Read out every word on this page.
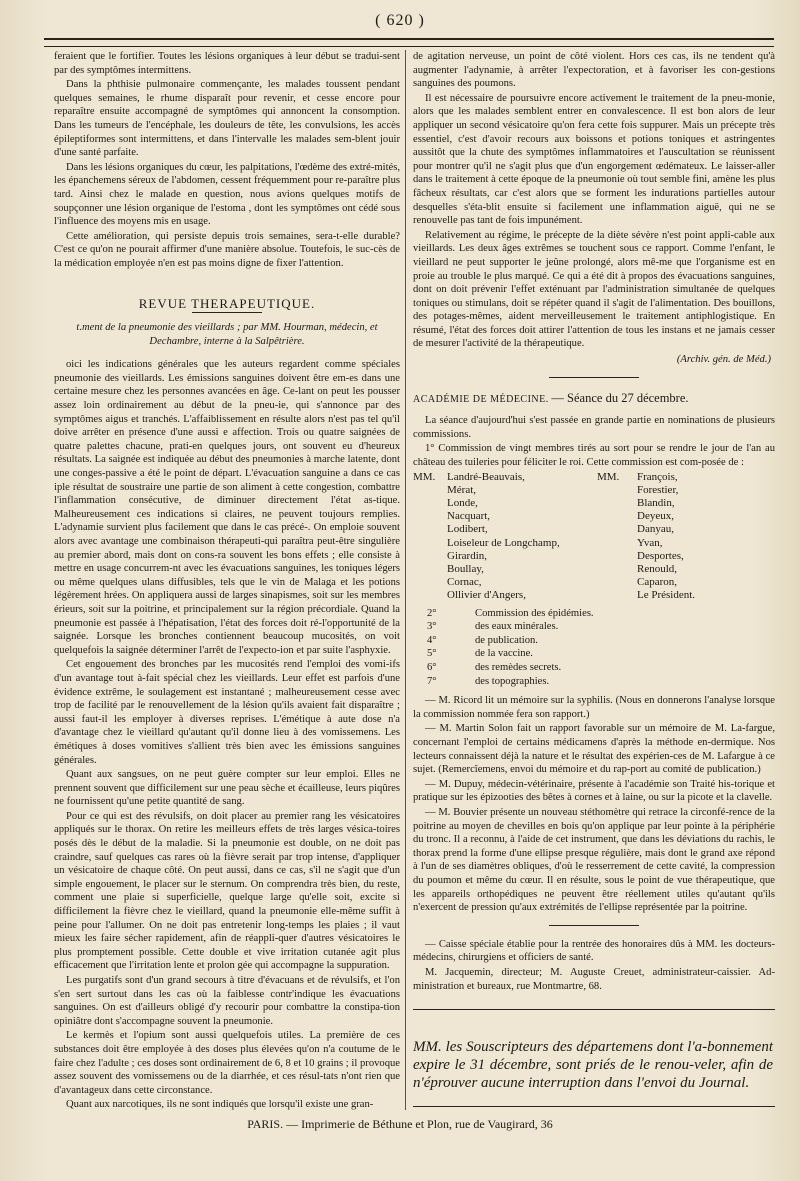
( 620 )

feraient que le fortifier. Toutes les lésions organiques à leur début se tradui-sent par des symptômes intermittens.

Dans la phthisie pulmonaire commençante, les malades toussent pendant quelques semaines, le rhume disparaît pour revenir, et cesse encore pour reparaître ensuite accompagné de symptômes qui annoncent la consomption. Dans les tumeurs de l'encéphale, les douleurs de tête, les convulsions, les accès épileptiformes sont intermittens, et dans l'intervalle les malades sem-blent jouir d'une santé parfaite.

Dans les lésions organiques du cœur, les palpitations, l'œdème des extré-mités, les épanchemens séreux de l'abdomen, cessent fréquemment pour re-paraître plus tard. Ainsi chez le malade en question, nous avions quelques motifs de soupçonner une lésion organique de l'estoma , dont les symptômes ont cédé sous l'influence des moyens mis en usage.

Cette amélioration, qui persiste depuis trois semaines, sera-t-elle durable? C'est ce qu'on ne pourait affirmer d'une manière absolue. Toutefois, le suc-cès de la médication employée n'en est pas moins digne de fixer l'attention.

REVUE THERAPEUTIQUE.
t.ment de la pneumonie des vieillards ; par MM. Hourman, médecin, et Dechambre, interne à la Salpêtrière.

oici les indications générales que les auteurs regardent comme spéciales pneumonie des vieillards. Les émissions sanguines doivent être em-es dans une certaine mesure chez les personnes avancées en âge. Ce-lant on peut les pousser assez loin ordinairement au début de la pneu-ie, qui s'annonce par des symptômes aigus et tranchés. L'affaiblissement en résulte alors n'est pas tel qu'il doive arrêter en présence d'une aussi e affection. Trois ou quatre saignées de quatre palettes chacune, prati-en quelques jours, ont souvent eu d'heureux résultats. La saignée est indiquée au début des pneumonies à marche latente, dont une conges-passive a été le point de départ. L'évacuation sanguine a dans ce cas iple résultat de soustraire une partie de son aliment à cette congestion, combattre l'inflammation consécutive, de diminuer directement l'état as-tique. Malheureusement ces indications si claires, ne peuvent toujours remplies. L'adynamie survient plus facilement que dans le cas précé-. On emploie souvent alors avec avantage une combinaison thérapeuti-qui paraîtra peut-être singulière au premier abord, mais dont on cons-ra souvent les bons effets ; elle consiste à mettre en usage concurrem-nt avec les évacuations sanguines, les toniques légers ou même quelques ulans diffusibles, tels que le vin de Malaga et les potions légèrement hrées. On appliquera aussi de larges sinapismes, soit sur les membres érieurs, soit sur la poitrine, et principalement sur la région précordiale. Quand la pneumonie est passée à l'hépatisation, l'état des forces doit ré-l'opportunité de la saignée. Lorsque les bronches contiennent beaucoup mucosités, on voit quelquefois la saignée déterminer l'arrêt de l'expecto-ion et par suite l'asphyxie.

Cet engouement des bronches par les mucosités rend l'emploi des vomi-ifs d'un avantage tout à-fait spécial chez les vieillards. Leur effet est parfois d'une évidence extrême, le soulagement est instantané ; malheureusement cesse avec trop de facilité par le renouvellement de la lésion qu'ils avaient fait disparaître ; aussi faut-il les employer à diverses reprises. L'émétique à aute dose n'a d'avantage chez le vieillard qu'autant qu'il donne lieu à des vomissemens. Les émétiques à doses vomitives s'allient très bien avec les émissions sanguines générales.

Quant aux sangsues, on ne peut guère compter sur leur emploi. Elles ne prennent souvent que difficilement sur une peau sèche et écailleuse, leurs piqûres ne fournissent qu'une petite quantité de sang.

Pour ce qui est des révulsifs, on doit placer au premier rang les vésicatoires appliqués sur le thorax. On retire les meilleurs effets de très larges vésica-toires posés dès le début de la maladie. Si la pneumonie est double, on ne doit pas craindre, sauf quelques cas rares où la fièvre serait par trop intense, d'appliquer un vésicatoire de chaque côté. On peut aussi, dans ce cas, s'il ne s'agit que d'un simple engouement, le placer sur le sternum. On comprendra très bien, du reste, comment une plaie si superficielle, quelque large qu'elle soit, excite si difficilement la fièvre chez le vieillard, quand la pneumonie elle-même suffit à peine pour l'allumer. On ne doit pas entretenir long-temps les plaies ; il vaut mieux les faire sécher rapidement, afin de réappli-quer d'autres vésicatoires le plus promptement possible. Cette double et vive irritation cutanée agit plus efficacement que l'irritation lente et prolon gée qui accompagne la suppuration.

Les purgatifs sont d'un grand secours à titre d'évacuans et de révulsifs, et l'on s'en sert surtout dans les cas où la faiblesse contr'indique les évacuations sanguines. On est d'ailleurs obligé d'y recourir pour combattre la constipa-tion opiniâtre dont s'accompagne souvent la pneumonie.

Le kermès et l'opium sont aussi quelquefois utiles. La première de ces substances doit être employée à des doses plus élevées qu'on n'a coutume de le faire chez l'adulte ; ces doses sont ordinairement de 6, 8 et 10 grains ; il provoque assez souvent des vomissemens ou de la diarrhée, et ces résul-tats n'ont rien que d'avantageux dans cette circonstance.

Quant aux narcotiques, ils ne sont indiqués que lorsqu'il existe une gran-

de agitation nerveuse, un point de côté violent. Hors ces cas, ils ne tendent qu'à augmenter l'adynamie, à arrêter l'expectoration, et à favoriser les con-gestions sanguines des poumons.

Il est nécessaire de poursuivre encore activement le traitement de la pneu-monie, alors que les malades semblent entrer en convalescence. Il est bon alors de leur appliquer un second vésicatoire qu'on fera cette fois suppurer. Mais un précepte très essentiel, c'est d'avoir recours aux boissons et potions toniques et astringentes aussitôt que la chute des symptômes inflammatoires et l'auscultation se réunissent pour montrer qu'il ne s'agit plus que d'un engorgement œdémateux. Le laisser-aller dans le traitement à cette époque de la pneumonie où tout semble fini, amène les plus fâcheux résultats, car c'est alors que se forment les indurations partielles autour desquelles s'éta-blit ensuite si facilement une inflammation aiguë, qui ne se renouvelle pas tant de fois impunément.

Relativement au régime, le précepte de la diète sévère n'est point appli-cable aux vieillards. Les deux âges extrêmes se touchent sous ce rapport. Comme l'enfant, le vieillard ne peut supporter le jeûne prolongé, alors mê-me que l'organisme est en proie au trouble le plus marqué. Ce qui a été dit à propos des évacuations sanguines, dont on doit prévenir l'effet exténuant par l'administration simultanée de quelques toniques ou stimulans, doit se répéter quand il s'agit de l'alimentation. Des bouillons, des potages-mêmes, aident merveilleusement le traitement antiphlogistique. En résumé, l'état des forces doit attirer l'attention de tous les instans et ne jamais cesser de mesurer l'activité de la thérapeutique.

(Archiv. gén. de Méd.)

ACADÉMIE DE MÉDECINE. — Séance du 27 décembre.

La séance d'aujourd'hui s'est passée en grande partie en nominations de plusieurs commissions.

1° Commission de vingt membres tirés au sort pour se rendre le jour de l'an au château des tuileries pour féliciter le roi. Cette commission est com-posée de :

MM.	Landré-Beauvais,	MM.	François,
	Mérat,		Forestier,
	Londe,		Blandin,
	Nacquart,		Deyeux,
	Lodibert,		Danyau,
	Loiseleur de Longchamp,		Yvan,
	Girardin,		Desportes,
	Boullay,		Renould,
	Cornac,		Caparon,
	Ollivier d'Angers,		Le Président.
2°	Commission des épidémies.
3°	des eaux minérales.
4°	de publication.
5°	de la vaccine.
6°	des remèdes secrets.
7°	des topographies.

— M. Ricord lit un mémoire sur la syphilis. (Nous en donnerons l'analyse lorsque la commission nommée fera son rapport.)

— M. Martin Solon fait un rapport favorable sur un mémoire de M. La-fargue, concernant l'emploi de certains médicamens d'après la méthode en-dermique. Nos lecteurs connaissent déjà la nature et le résultat des expérien-ces de M. Lafargue à ce sujet. (Remercîemens, envoi du mémoire et du rap-port au comité de publication.)

— M. Dupuy, médecin-vétérinaire, présente à l'académie son Traité his-torique et pratique sur les épizooties des bêtes à cornes et à laine, ou sur la picote et la clavelle.

— M. Bouvier présente un nouveau stéthomètre qui retrace la circonfé-rence de la poitrine au moyen de chevilles en bois qu'on applique par leur pointe à la périphérie du tronc. Il a reconnu, à l'aide de cet instrument, que dans les déviations du rachis, le thorax prend la forme d'une ellipse presque régulière, mais dont le grand axe répond à l'un de ses diamètres obliques, d'où le resserrement de cette cavité, la compression du poumon et même du cœur. Il en résulte, sous le point de vue thérapeutique, que les appareils orthopédiques ne peuvent être réellement utiles qu'autant qu'ils n'exercent de pression qu'aux extrémités de l'ellipse représentée par la poitrine.

— Caisse spéciale établie pour la rentrée des honoraires dûs à MM. les docteurs-médecins, chirurgiens et officiers de santé.

M. Jacquemin, directeur; M. Auguste Creuet, administrateur-caissier. Ad-ministration et bureaux, rue Montmartre, 68.

MM. les Souscripteurs des départemens dont l'a-bonnement expire le 31 décembre, sont priés de le renou-veler, afin de n'éprouver aucune interruption dans l'envoi du Journal.
PARIS. — Imprimerie de Béthune et Plon, rue de Vaugirard, 36
